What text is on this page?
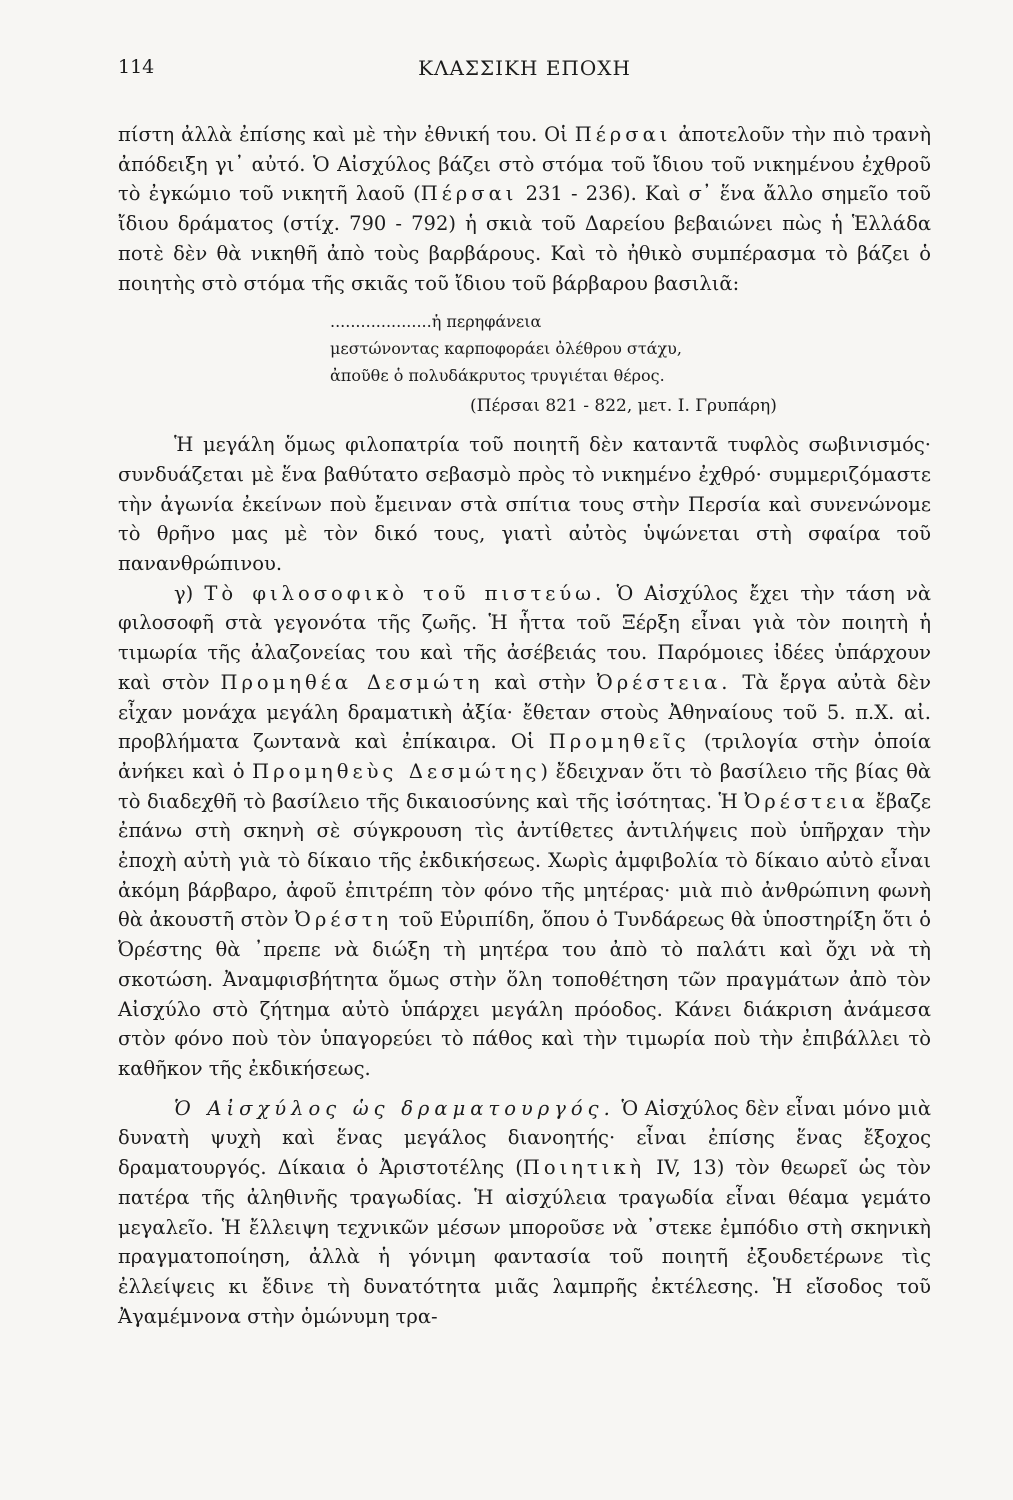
114	ΚΛΑΣΣΙΚΗ ΕΠΟΧΗ

πίστη ἀλλὰ ἐπίσης καὶ μὲ τὴν ἐθνική του. Οἱ Πέρσαι ἀποτελοῦν τὴν πιὸ τρανὴ ἀπόδειξη γι᾽ αὐτό. Ὁ Αἰσχύλος βάζει στὸ στόμα τοῦ ἴδιου τοῦ νικημένου ἐχθροῦ τὸ ἐγκώμιο τοῦ νικητῆ λαοῦ (Πέρσαι 231 - 236). Καὶ σ᾽ ἕνα ἄλλο σημεῖο τοῦ ἴδιου δράματος (στίχ. 790 - 792) ἡ σκιὰ τοῦ Δαρείου βεβαιώνει πὼς ἡ Ἑλλάδα ποτὲ δὲν θὰ νικηθῆ ἀπὸ τοὺς βαρβάρους. Καὶ τὸ ἠθικὸ συμπέρασμα τὸ βάζει ὁ ποιητὴς στὸ στόμα τῆς σκιᾶς τοῦ ἴδιου τοῦ βάρβαρου βασιλιᾶ:

....................ἡ περηφάνεια
μεστώνοντας καρποφοράει ὀλέθρου στάχυ,
ἀποῦθε ὁ πολυδάκρυτος τρυγιέται θέρος.
(Πέρσαι 821 - 822, μετ. Ι. Γρυπάρη)

Ἡ μεγάλη ὅμως φιλοπατρία τοῦ ποιητῆ δὲν καταντᾶ τυφλὸς σωβινισμός· συνδυάζεται μὲ ἕνα βαθύτατο σεβασμὸ πρὸς τὸ νικημένο ἐχθρό· συμμεριζόμαστε τὴν ἀγωνία ἐκείνων ποὺ ἔμειναν στὰ σπίτια τους στὴν Περσία καὶ συνενώνομε τὸ θρῆνο μας μὲ τὸν δικό τους, γιατὶ αὐτὸς ὑψώνεται στὴ σφαίρα τοῦ πανανθρώπινου.

γ) Τὸ φιλοσοφικὸ τοῦ πιστεύω. Ὁ Αἰσχύλος ἔχει τὴν τάση νὰ φιλοσοφῆ στὰ γεγονότα τῆς ζωῆς. Ἡ ἧττα τοῦ Ξέρξη εἶναι γιὰ τὸν ποιητὴ ἡ τιμωρία τῆς ἀλαζονείας του καὶ τῆς ἀσέβειάς του. Παρόμοιες ἰδέες ὑπάρχουν καὶ στὸν Προμηθέα Δεσμώτη καὶ στὴν Ὀρέστεια. Τὰ ἔργα αὐτὰ δὲν εἶχαν μονάχα μεγάλη δραματικὴ ἀξία· ἔθεταν στοὺς Ἀθηναίους τοῦ 5. π.Χ. αἰ. προβλήματα ζωντανὰ καὶ ἐπίκαιρα. Οἱ Προμηθεῖς (τριλογία στὴν ὁποία ἀνήκει καὶ ὁ Προμηθεὺς Δεσμώτης) ἔδειχναν ὅτι τὸ βασίλειο τῆς βίας θὰ τὸ διαδεχθῆ τὸ βασίλειο τῆς δικαιοσύνης καὶ τῆς ἰσότητας. Ἡ Ὀρέστεια ἔβαζε ἐπάνω στὴ σκηνὴ σὲ σύγκρουση τὶς ἀντίθετες ἀντιλήψεις ποὺ ὑπῆρχαν τὴν ἐποχὴ αὐτὴ γιὰ τὸ δίκαιο τῆς ἐκδικήσεως. Χωρὶς ἀμφιβολία τὸ δίκαιο αὐτὸ εἶναι ἀκόμη βάρβαρο, ἀφοῦ ἐπιτρέπη τὸν φόνο τῆς μητέρας· μιὰ πιὸ ἀνθρώπινη φωνὴ θὰ ἀκουστῆ στὸν Ὀρέστη τοῦ Εὐριπίδη, ὅπου ὁ Τυνδάρεως θὰ ὑποστηρίξη ὅτι ὁ Ὀρέστης θὰ ᾽πρεπε νὰ διώξη τὴ μητέρα του ἀπὸ τὸ παλάτι καὶ ὄχι νὰ τὴ σκοτώση. Ἀναμφισβήτητα ὅμως στὴν ὅλη τοποθέτηση τῶν πραγμάτων ἀπὸ τὸν Αἰσχύλο στὸ ζήτημα αὐτὸ ὑπάρχει μεγάλη πρόοδος. Κάνει διάκριση ἀνάμεσα στὸν φόνο ποὺ τὸν ὑπαγορεύει τὸ πάθος καὶ τὴν τιμωρία ποὺ τὴν ἐπιβάλλει τὸ καθῆκον τῆς ἐκδικήσεως.

Ὁ Αἰσχύλος ὡς δραματουργός. Ὁ Αἰσχύλος δὲν εἶναι μόνο μιὰ δυνατὴ ψυχὴ καὶ ἕνας μεγάλος διανοητής· εἶναι ἐπίσης ἕνας ἔξοχος δραματουργός. Δίκαια ὁ Ἀριστοτέλης (Ποιητικὴ IV, 13) τὸν θεωρεῖ ὡς τὸν πατέρα τῆς ἀληθινῆς τραγωδίας. Ἡ αἰσχύλεια τραγωδία εἶναι θέαμα γεμάτο μεγαλεῖο. Ἡ ἔλλειψη τεχνικῶν μέσων μποροῦσε νὰ ᾽στεκε ἐμπόδιο στὴ σκηνικὴ πραγματοποίηση, ἀλλὰ ἡ γόνιμη φαντασία τοῦ ποιητῆ ἐξουδετέρωνε τὶς ἐλλείψεις κι ἔδινε τὴ δυνατότητα μιᾶς λαμπρῆς ἐκτέλεσης. Ἡ εἴσοδος τοῦ Ἀγαμέμνονα στὴν ὁμώνυμη τρα-
